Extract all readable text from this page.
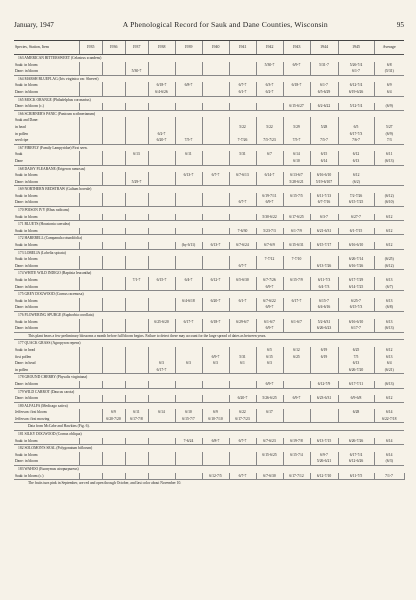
January, 1947	A Phenological Record for Sauk and Dane Counties, Wisconsin	95
Species, Station, Item	1935	1936	1937	1938	1939	1940	1941	1942	1943	1944	1945	Average	
163 AMERICAN BITTERSWEET (Celastrus scandens)													
Sauk: in bloom								5/30-7	6/9-7	5/31-7	5/26-7/4	6/8	
Dane: in bloom			5/30-7								6/1-7	(5/31)	
164 MARSH BLUEFLAG (Iris virginica var. Shrevei)													
Sauk: in bloom				6/18-7	6/8-7		6/7-7	6/3-7	6/18-7	6/1-7	6/12-7/4	6/9	
Dane: in bloom				6/4-6/26			6/1-7	6/2-7		6/5-6/29	6/19-6/26	6/4	
165 MOCK ORANGE (Philadelphus coronarius)													
Dane: in bloom (c.)									6/15-6/27	6/2-6/22	5/12-7/4	(6/9)	
166 SCRIBNER'S PANIC (Panicum scribnerianum)													
Sauk and Dane:													
in head							5/22	5/22	5/29	5/28	6/5	5/27	
in pollen				6/2-7							6/17-7/3	(6/9)	
seed ripe				6/20-7	7/5-7		7-7/26	7/5-7/23	7/5-7	7/5-7	7/6-7	7/3	
167 FIREFLY (Family Lampyridae) First seen.													
Sauk			6/13		6/11		5/31	6/7	6/14	6/15	6/12	6/11	
Dane									6/10	6/14	6/13	(6/13)	
168 DAISY FLEABANE (Erigeron ramosus)													
Sauk: in bloom					6/13-7	6/7-7	6/7-6/13	6/14-7	6/13-6/7	6/16-6/10	6/12		
Dane: in bloom			5/29-7						5/28-6/21	5/19-6/107	(6/2)		
169 NORTHERN BEDSTRAW (Galium boreale)													
Sauk: in bloom								6/19-7/11	6/15-7/5	6/11-7/13	7/2-7/26	(6/12)	
Dane: in bloom							6/7-7	6/9-7		6/7-7/16	6/15-7/25	(6/10)	
170 POISON IVY (Rhus radicans)													
Sauk: in bloom								5/30-6/22	6/17-6/25	6/3-7	6/27-7	6/12	
171 BLUETS (Houstonia caerulea)													
Sauk: in bloom							7-6/30	5/23-7/3	6/1-7/9	6/21-6/31	6/1-7/15	6/12	
172 HAREBELL (Campanula rotundifolia)													
Sauk: in bloom					(by 6/11)	6/13-7	6/7-6/24	6/7-6/9	6/15-6/31	6/15-7/17	6/16-6/10	6/12	
173 LOBELIA (Lobelia spicata)													
Sauk: in bloom								7-7/12	7-7/10		6/26-7/14	(6/25)	
Dane: in bloom							6/7-7			6/13-7/26	6/16-7/26	(6/12)	
174 WHITE WILD INDIGO (Baptisia leucantha)													
Sauk: in bloom			7/1-7	6/15-7	6/4-7	6/12-7	6/5-6/30	6/7-7/26	6/15-7/9	6/11-7/3	6/17-7/29	6/13	
Dane: in bloom								6/9-7		6/4-7/3	6/14-7/25	(6/7)	
175 GREY DOGWOOD (Cornus racemosa)													
Sauk: in bloom					6/4-6/18	6/20-7	6/1-7	6/7-6/22	6/17-7	6/15-7	6/25-7	6/13	
Dane: in bloom								6/9-7		6/4-6/16	6/15-7/3	(6/8)	
176 FLOWERING SPURGE (Euphorbia corollata)													
Sauk: in bloom				6/25-6/20	6/17-7	6/18-7	6/29-6/7	6/1-6/7	6/1-6/7	5/2-6/31	6/16-6/10	6/13	
Dane: in bloom								6/9-7		6/26-6/23	6/17-7	(6/13)	
This plant bears a few preliminary blossoms a month before full bloom begins. Failure to detect these may account for the large spread of dates as between years.													
177 QUACK GRASS (Agropyron repens)													
Sauk: in head								6/5	6/12	6/19	6/25	6/12	
first pollen						6/9-7	5/31	6/15	6/25	6/19	7/5	6/13	
Dane: in head				6/3	6/3	6/3	6/1	6/3			6/13	6/4	
in pollen				6/17-7							6/26-7/20	(6/21)	
178 GROUND CHERRY (Physalis virginiana)													
Dane: in bloom								6/9-7		6/12-7/9	6/17-7/11	(6/13)	
179 WILD CARROT (Daucus carota)													
Dane: in bloom							6/20-7	5/26-6/25	6/9-7	6/23-6/31	6/9-6/8	6/12	
180 ALFALFA (Medicago sativa)													
Jefferson: first bloom		6/9	6/11	6/14	6/10	6/9	6/22	6/17			6/28	6/14	
Jefferson: first mowing		6/20-7/20	6/17-7/8		6/15-7/7	6/10-7/10	6/17-7/23					6/22-7/18	
Data from McCabe and Hawkins (Fig. 6).													
181 SILKY DOGWOOD (Cornus obliqua)													
Sauk: in bloom					7-6/24	6/8-7	6/7-7	6/7-6/23	6/19-7/8	6/13-7/15	6/26-7/26	6/14	
182 SOLOMON'S SEAL (Polygonatum biflorum)													
Sauk: in bloom								6/15-6/25	6/15-7/4	6/9-7	6/17-7/4	6/14	
Dane: in bloom										5/26-6/21	6/12-6/26	(6/3)	
183 WAHOO (Euonymus atropurpureus)													
Sauk: in bloom (c.)						6/12-7/5	6/7-7	6/7-6/30	6/17-7/12	6/12-7/10	6/11-7/5	7/1-7	
The fruits turn pink in September, are red and open through October, and last color about November 10.													
